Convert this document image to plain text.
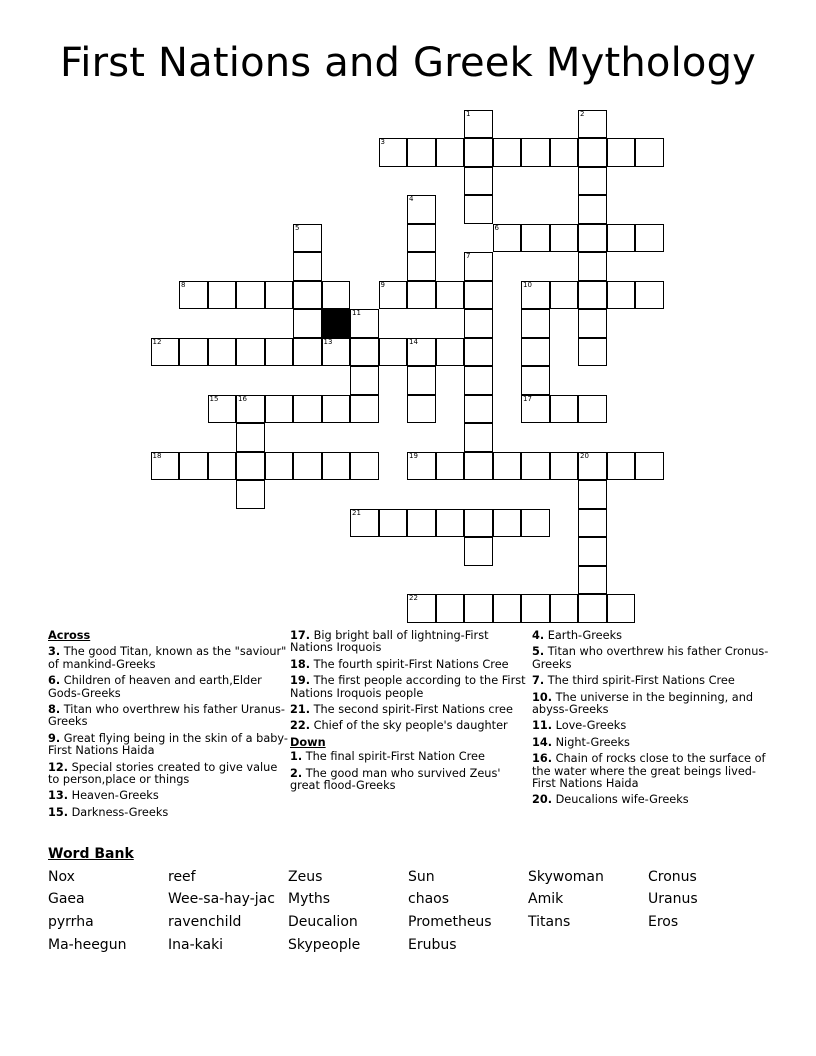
First Nations and Greek Mythology
1	2
3
4
5	6
7
8	9	10
11
12	13	14
15	16	17
18	19	20
21
22
Across
3. The good Titan, known as the "saviour" of mankind-Greeks
6. Children of heaven and earth,Elder Gods-Greeks
8. Titan who overthrew his father Uranus-Greeks
9. Great flying being in the skin of a baby-First Nations Haida
12. Special stories created to give value to person,place or things
13. Heaven-Greeks
15. Darkness-Greeks
17. Big bright ball of lightning-First Nations Iroquois
18. The fourth spirit-First Nations Cree
19. The first people according to the First Nations Iroquois people
21. The second spirit-First Nations cree
22. Chief of the sky people's daughter
Down
1. The final spirit-First Nation Cree
2. The good man who survived Zeus' great flood-Greeks
4. Earth-Greeks
5. Titan who overthrew his father Cronus-Greeks
7. The third spirit-First Nations Cree
10. The universe in the beginning, and abyss-Greeks
11. Love-Greeks
14. Night-Greeks
16. Chain of rocks close to the surface of the water where the great beings lived-First Nations Haida
20. Deucalions wife-Greeks
Word Bank
Nox
Gaea
pyrrha
Ma-heegun
reef
Wee-sa-hay-jac
ravenchild
Ina-kaki
Zeus
Myths
Deucalion
Skypeople
Sun
chaos
Prometheus
Erubus
Skywoman
Amik
Titans
Cronus
Uranus
Eros
